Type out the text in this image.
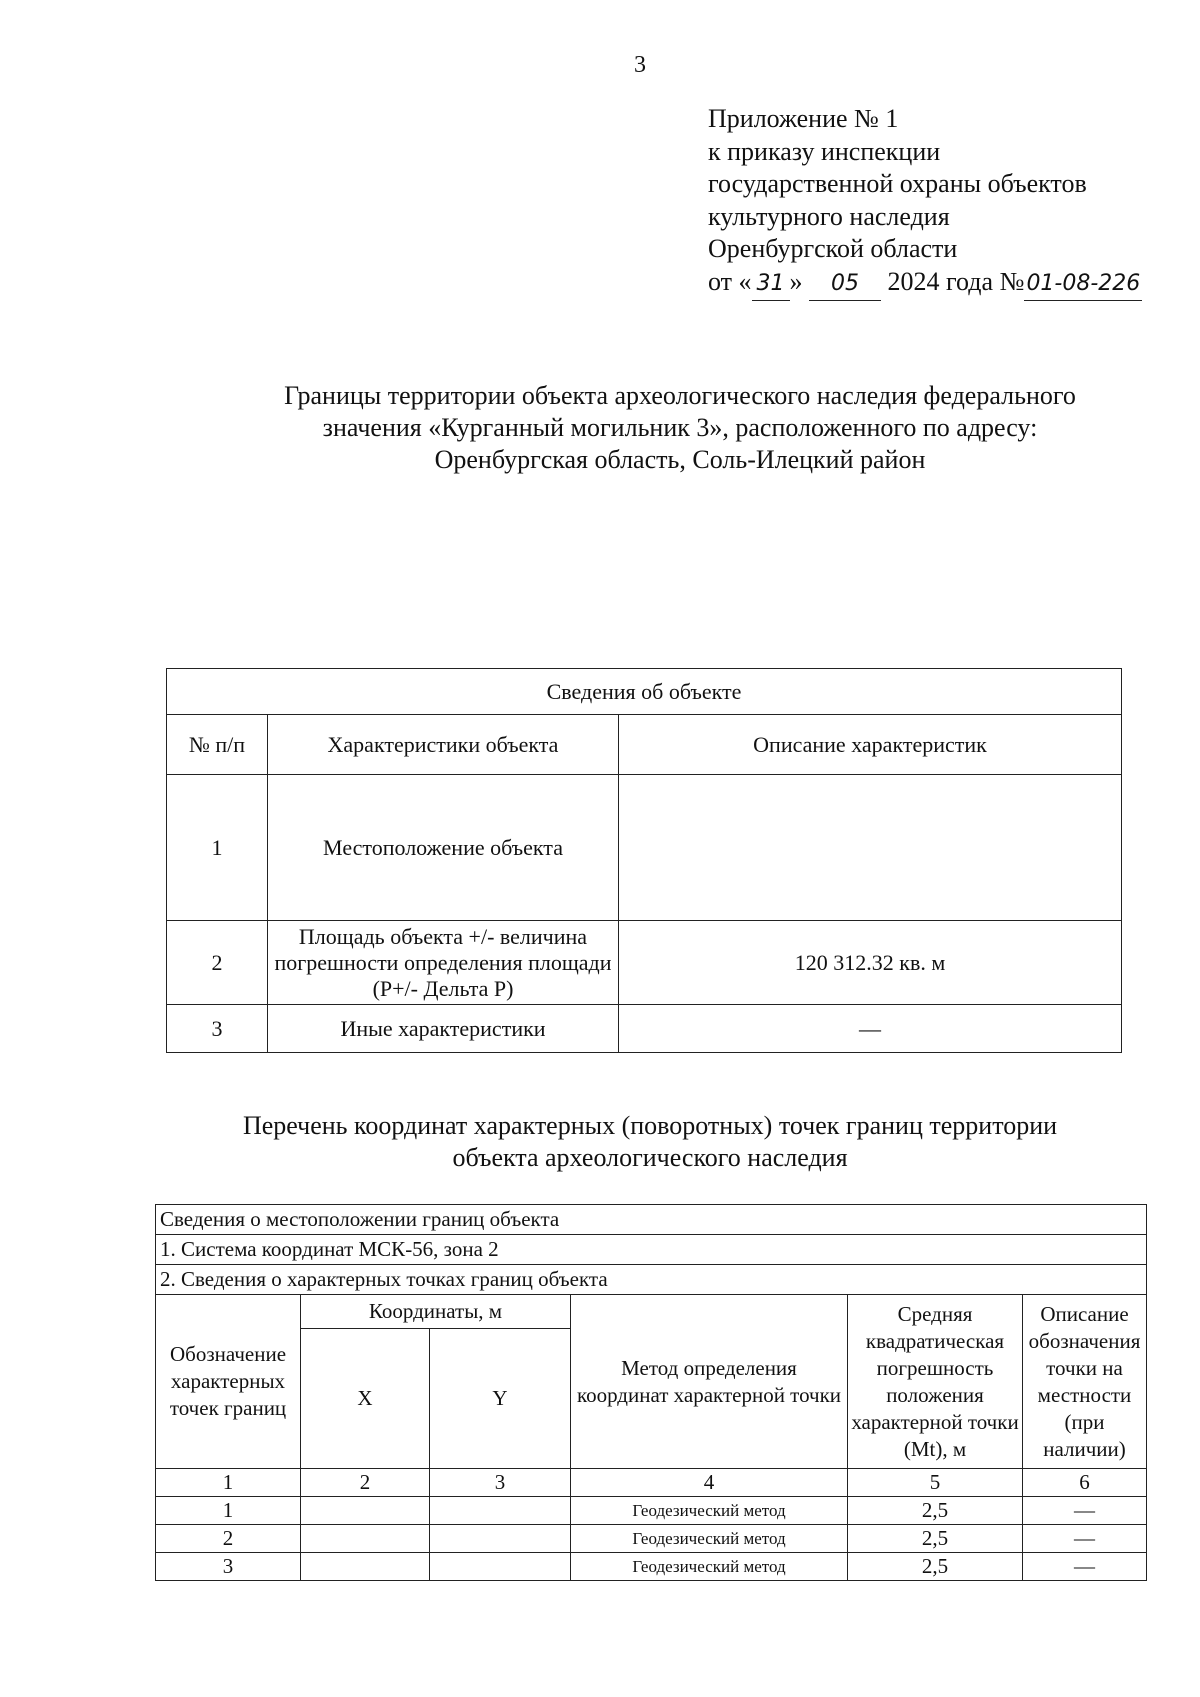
3
Приложение № 1
к приказу инспекции
государственной охраны объектов
культурного наследия
Оренбургской области
от « 31 » 05 2024 года №01-08-226
Границы территории объекта археологического наследия федерального
значения «Курганный могильник 3», расположенного по адресу:
Оренбургская область, Соль-Илецкий район
Сведения об объекте		
№ п/п	Характеристики объекта	Описание характеристик
1	Местоположение объекта	
2	Площадь объекта +/- величина погрешности определения площади (P+/- Дельта P)	120 312.32 кв. м
3	Иные характеристики	—
Перечень координат характерных (поворотных) точек границ территории
объекта археологического наследия
Сведения о местоположении границ объекта					
1. Система координат МСК-56, зона 2					
2. Сведения о характерных точках границ объекта					
Обозначение характерных точек границ	Координаты, м		Метод определения координат характерной точки	Средняя квадратическая погрешность положения характерной точки (Mt), м	Описание обозначения точки на местности (при наличии)
	X	Y			
1	2	3	4	5	6
1			Геодезический метод	2,5	—
2			Геодезический метод	2,5	—
3			Геодезический метод	2,5	—
